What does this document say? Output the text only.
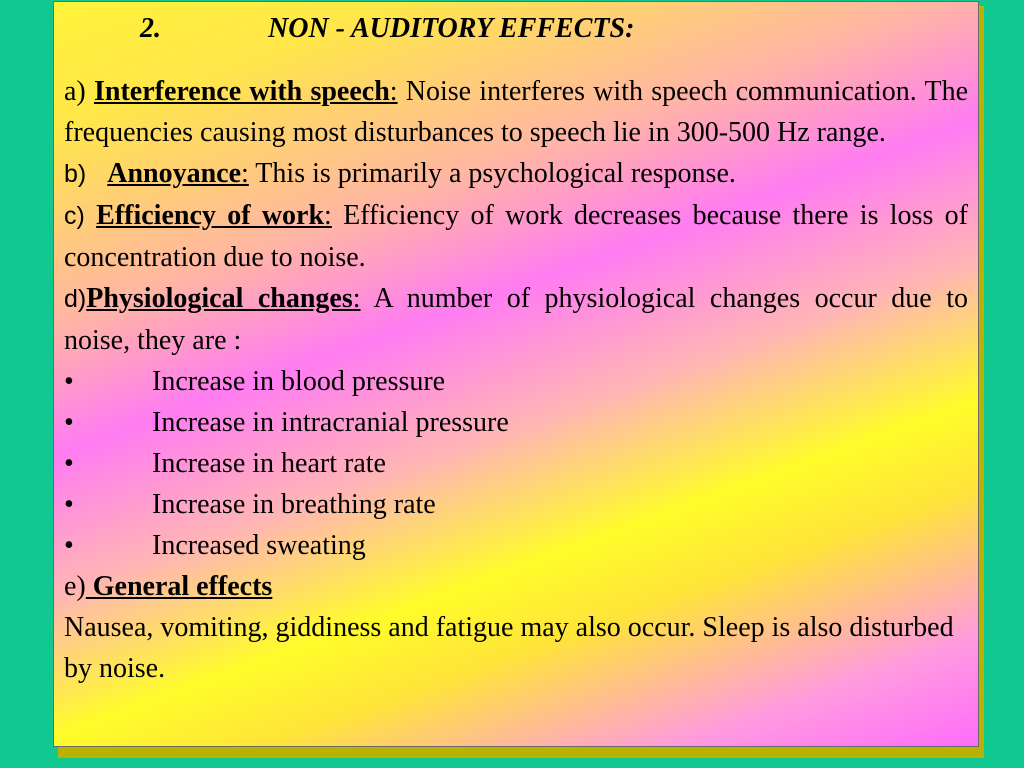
2.	NON - AUDITORY EFFECTS:

a) Interference with speech: Noise interferes with speech communication. The frequencies causing most disturbances to speech lie in 300-500 Hz range.

b) Annoyance: This is primarily a psychological response.

c) Efficiency of work: Efficiency of work decreases because there is loss of concentration due to noise.

d)Physiological changes: A number of physiological changes occur due to noise, they are :

•	Increase in blood pressure
•	Increase in intracranial pressure
•	Increase in heart rate
•	Increase in breathing rate
•	Increased sweating

e) General effects

Nausea, vomiting, giddiness and fatigue may also occur. Sleep is also disturbed by noise.
